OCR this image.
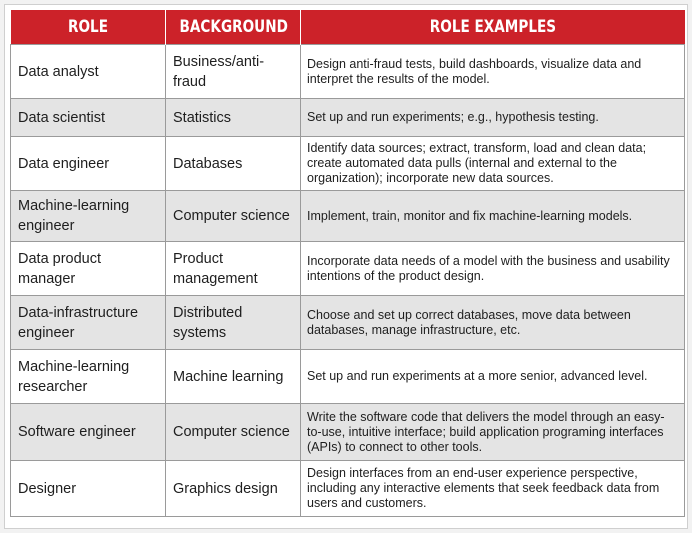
ROLE	BACKGROUND	ROLE EXAMPLES
Data analyst	Business/anti-fraud	Design anti-fraud tests, build dashboards, visualize data and interpret the results of the model.
Data scientist	Statistics	Set up and run experiments; e.g., hypothesis testing.
Data engineer	Databases	Identify data sources; extract, transform, load and clean data; create automated data pulls (internal and external to the organization); incorporate new data sources.
Machine-learning engineer	Computer science	Implement, train, monitor and fix machine-learning models.
Data product manager	Product management	Incorporate data needs of a model with the business and usability intentions of the product design.
Data-infrastructure engineer	Distributed systems	Choose and set up correct databases, move data between databases, manage infrastructure, etc.
Machine-learning researcher	Machine learning	Set up and run experiments at a more senior, advanced level.
Software engineer	Computer science	Write the software code that delivers the model through an easy-to-use, intuitive interface; build application programing interfaces (APIs) to connect to other tools.
Designer	Graphics design	Design interfaces from an end-user experience perspective, including any interactive elements that seek feedback data from users and customers.
